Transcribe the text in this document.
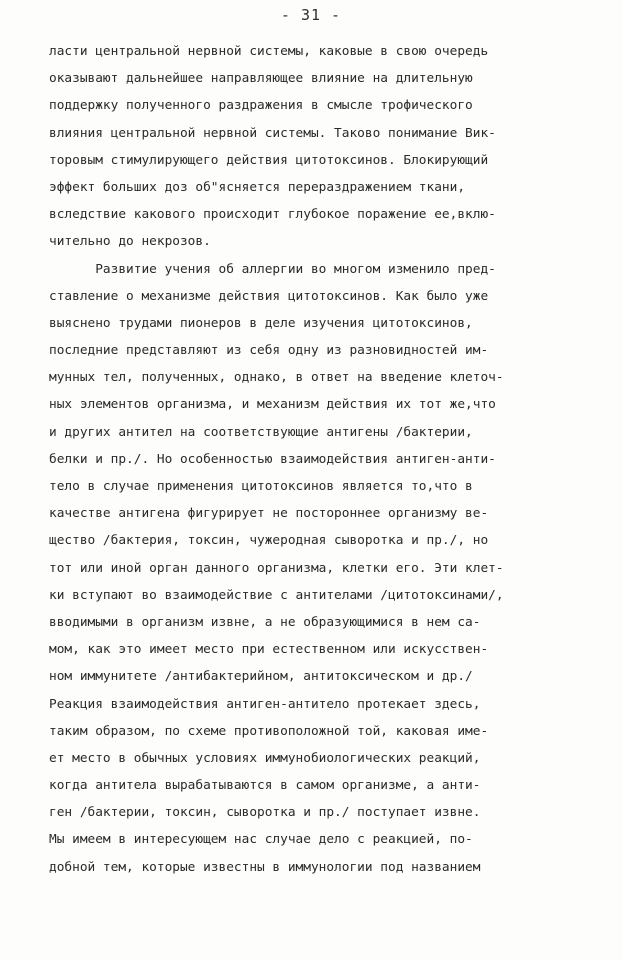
- 31 -
ласти центральной нервной системы, каковые в свою очередь
оказывают дальнейшее направляющее влияние на длительную
поддержку полученного раздражения в смысле трофического
влияния центральной нервной системы. Таково понимание Вик-
торовым стимулирующего действия цитотоксинов. Блокирующий
эффект больших доз об"ясняется перераздражением ткани,
вследствие каковогo происходит глубокое поражение ее,вклю-
чительно до некрозов.
Развитие учения об аллергии во многом изменило пред-
ставление о механизме действия цитотоксинов. Как было уже
выяснено трудами пионеров в деле изучения цитотоксинов,
последние представляют из себя одну из разновидностей им-
мунных тел, полученных, однако, в ответ на введение клеточ-
ных элементов организма, и механизм действия их тот же,что
и других антител на соответствующие антигены /бактерии,
белки и пр./. Но особенностью взаимодействия антиген-анти-
тело в случае применения цитотоксинов является то,что в
качестве антигена фигурирует не постороннее организму ве-
щество /бактерия, токсин, чужеродная сыворотка и пр./, но
тот или иной орган данного организма, клетки его. Эти клет-
ки вступают во взаимодействие с антителами /цитотоксинами/,
вводимыми в организм извне, а не образующимися в нем са-
мом, как это имеет место при естественном или искусствен-
ном иммунитете /антибактерийном, антитоксическом и др./
Реакция взаимодействия антиген-антитело протекает здесь,
таким образом, по схеме противоположной той, каковая име-
ет место в обычных условиях иммунобиологических реакций,
когда антитела вырабатываются в самом организме, а анти-
ген /бактерии, токсин, сыворотка и пр./ поступает извне.
Мы имеем в интересующем нас случае дело с реакцией, по-
добной тем, которые известны в иммунологии под названием
